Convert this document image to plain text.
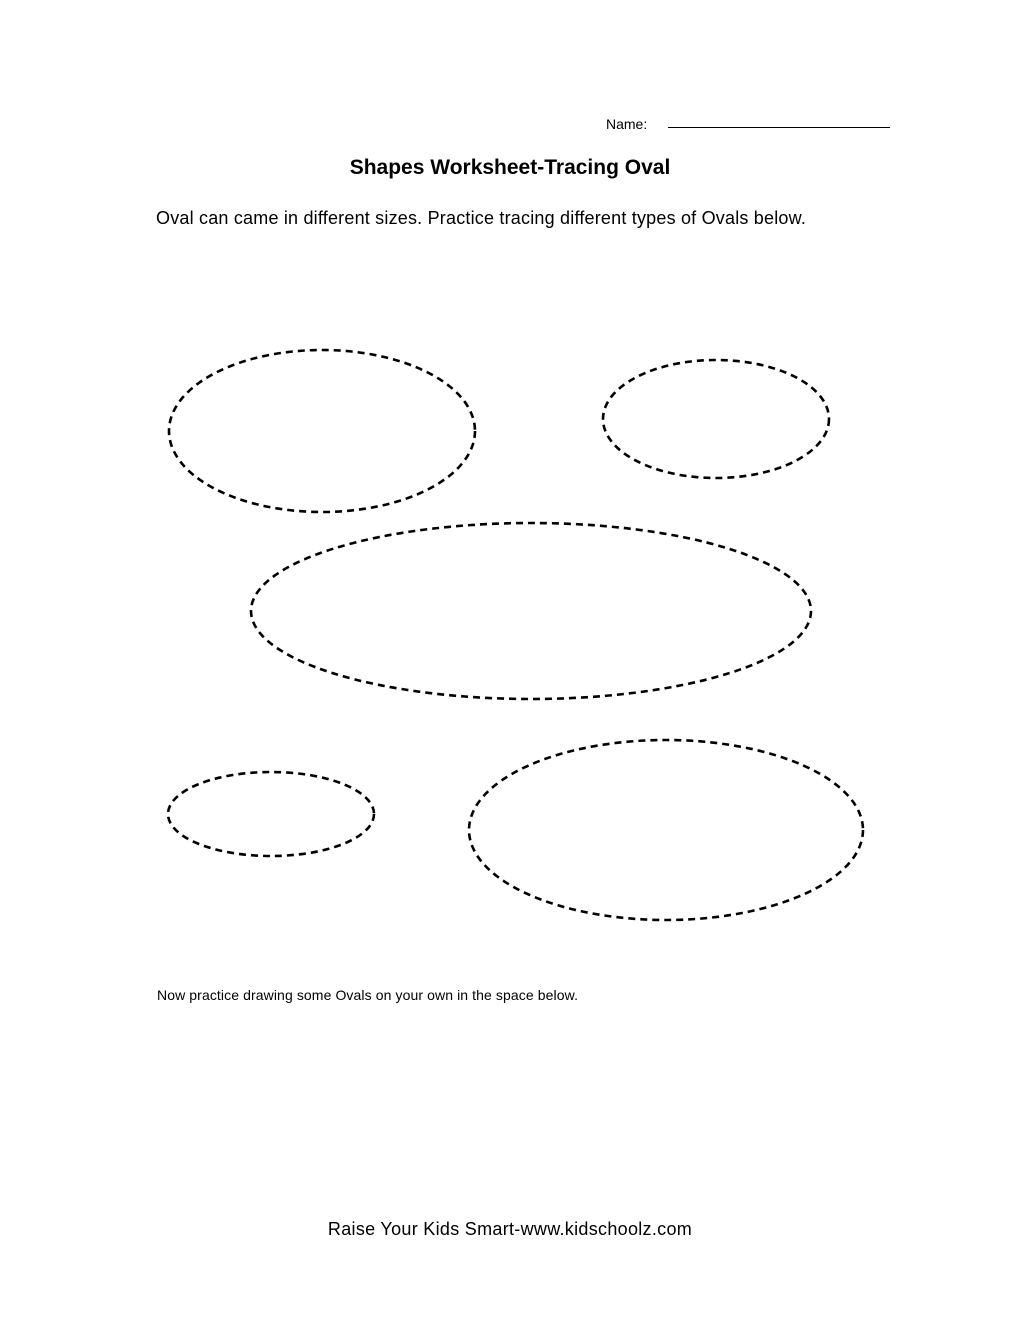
Name:
Shapes Worksheet-Tracing Oval
Oval can came in different sizes. Practice tracing different types of Ovals below.
Now practice drawing some Ovals on your own in the space below.
Raise Your Kids Smart-www.kidschoolz.com
